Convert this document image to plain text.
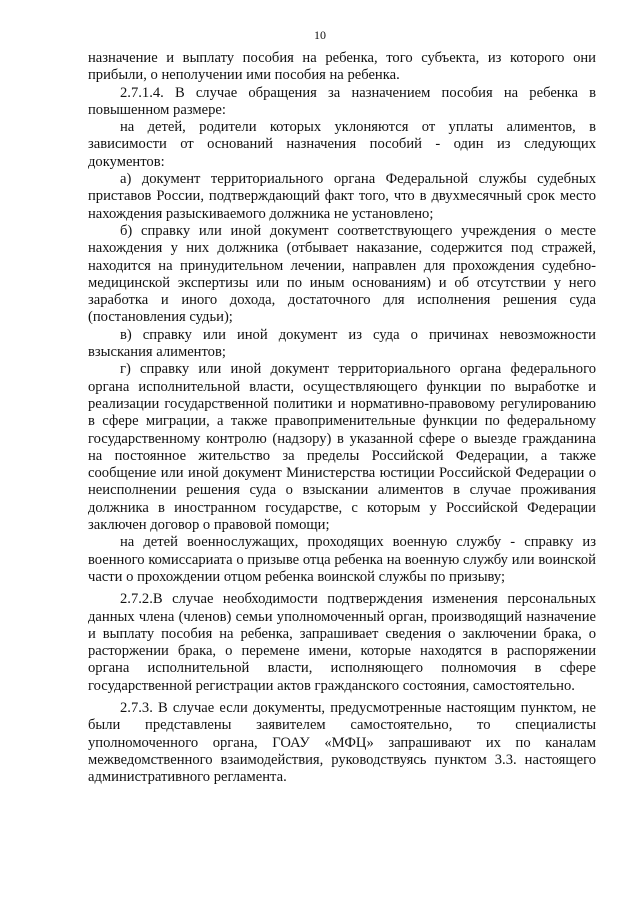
10

назначение и выплату пособия на ребенка, того субъекта, из которого они прибыли, о неполучении ими пособия на ребенка.

2.7.1.4. В случае обращения за назначением пособия на ребенка в повышенном размере:

на детей, родители которых уклоняются от уплаты алиментов, в зависимости от оснований назначения пособий - один из следующих документов:

а) документ территориального органа Федеральной службы судебных приставов России, подтверждающий факт того, что в двухмесячный срок место нахождения разыскиваемого должника не установлено;

б) справку или иной документ соответствующего учреждения о месте нахождения у них должника (отбывает наказание, содержится под стражей, находится на принудительном лечении, направлен для прохождения судебно-медицинской экспертизы или по иным основаниям) и об отсутствии у него заработка и иного дохода, достаточного для исполнения решения суда (постановления судьи);

в) справку или иной документ из суда о причинах невозможности взыскания алиментов;

г) справку или иной документ территориального органа федерального органа исполнительной власти, осуществляющего функции по выработке и реализации государственной политики и нормативно-правовому регулированию в сфере миграции, а также правоприменительные функции по федеральному государственному контролю (надзору) в указанной сфере о выезде гражданина на постоянное жительство за пределы Российской Федерации, а также сообщение или иной документ Министерства юстиции Российской Федерации о неисполнении решения суда о взыскании алиментов в случае проживания должника в иностранном государстве, с которым у Российской Федерации заключен договор о правовой помощи;

на детей военнослужащих, проходящих военную службу - справку из военного комиссариата о призыве отца ребенка на военную службу или воинской части о прохождении отцом ребенка воинской службы по призыву;

2.7.2.В случае необходимости подтверждения изменения персональных данных члена (членов) семьи уполномоченный орган, производящий назначение и выплату пособия на ребенка, запрашивает сведения о заключении брака, о расторжении брака, о перемене имени, которые находятся в распоряжении органа исполнительной власти, исполняющего полномочия в сфере государственной регистрации актов гражданского состояния, самостоятельно.

2.7.3. В случае если документы, предусмотренные настоящим пунктом, не были представлены заявителем самостоятельно, то специалисты уполномоченного органа, ГОАУ «МФЦ» запрашивают их по каналам межведомственного взаимодействия, руководствуясь пунктом 3.3. настоящего административного регламента.
